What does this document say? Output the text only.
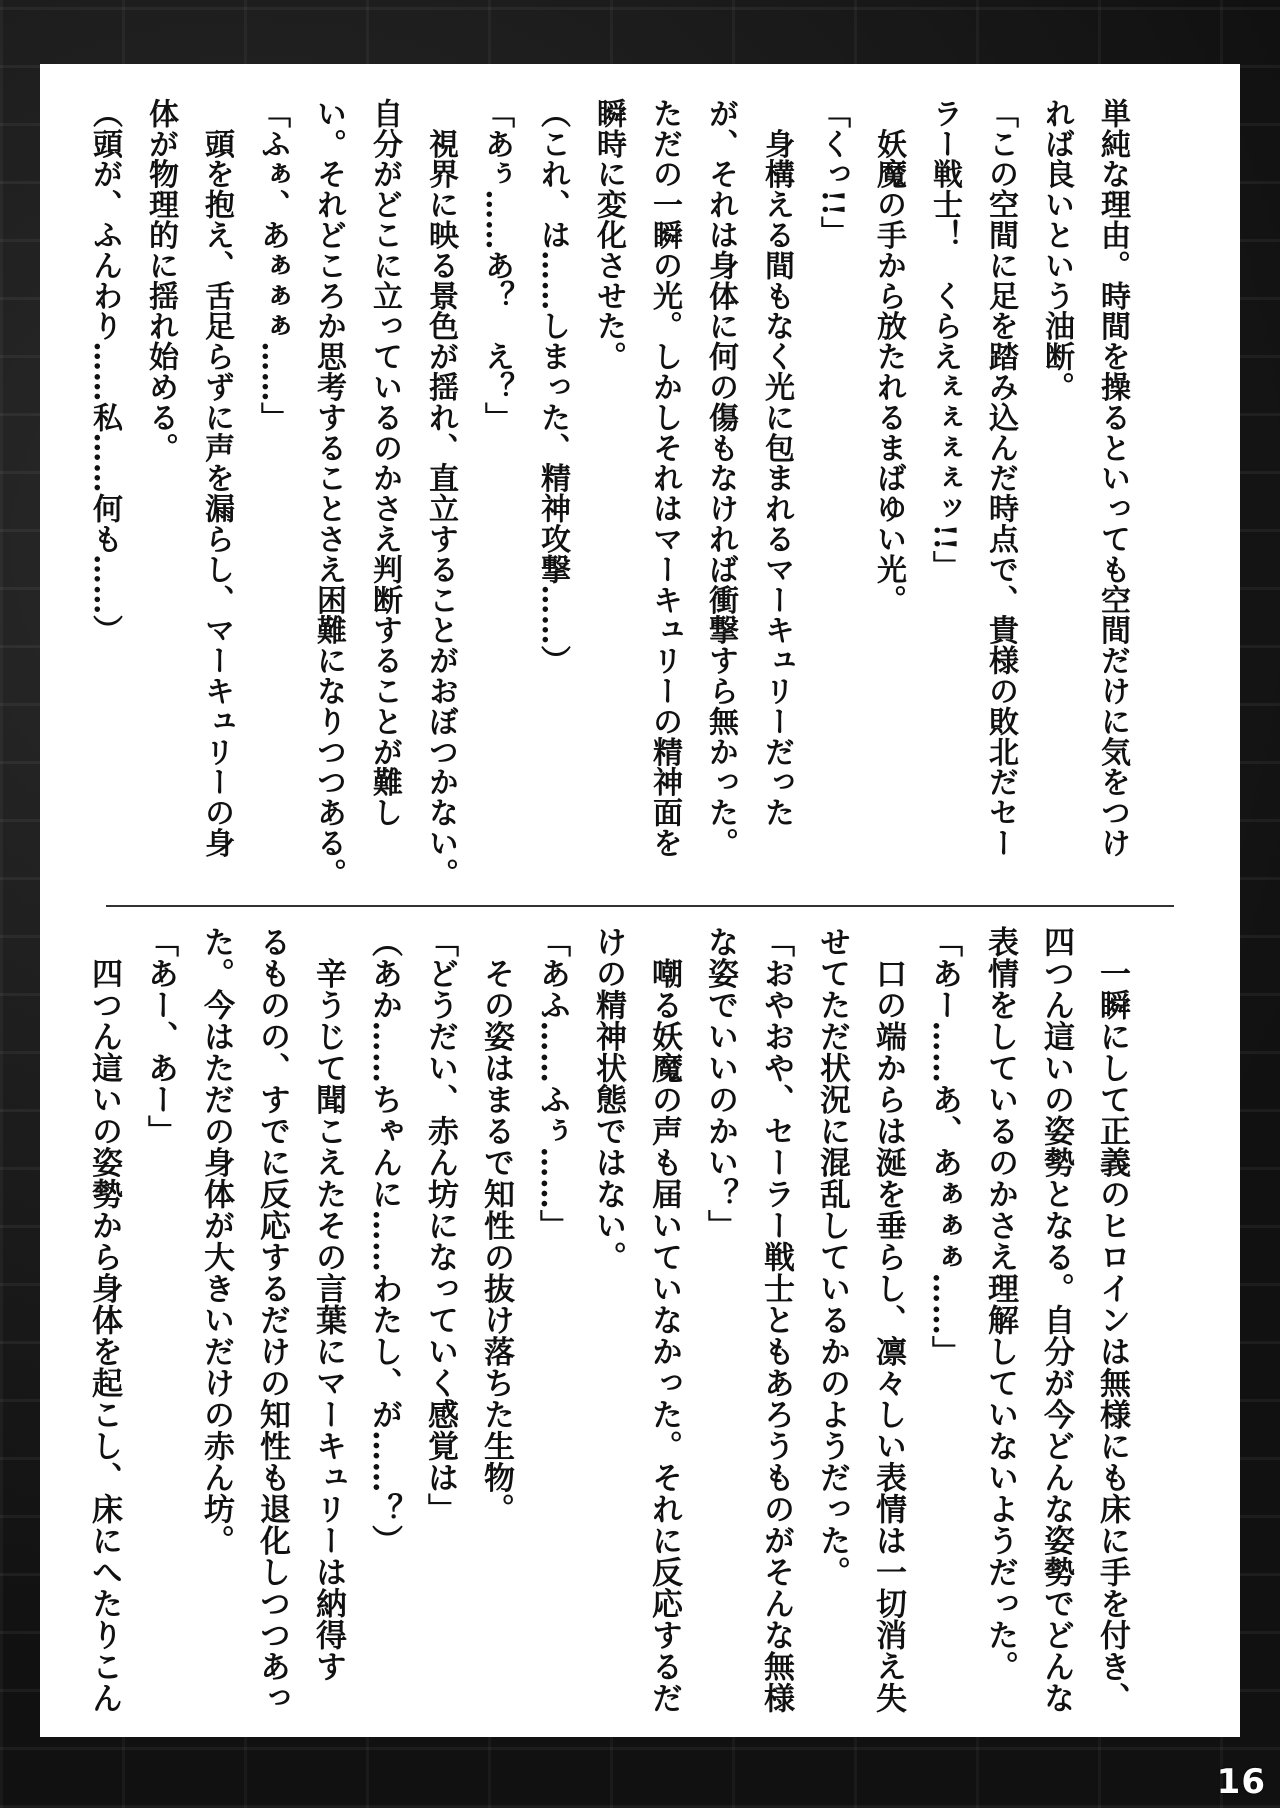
単純な理由。時間を操るといっても空間だけに気をつけ

れば良いという油断。

「この空間に足を踏み込んだ時点で、貴様の敗北だセー

ラー戦士！　くらえぇぇぇぇッ!!」

　妖魔の手から放たれるまばゆい光。

「くっ!!」

　身構える間もなく光に包まれるマーキュリーだった

が、それは身体に何の傷もなければ衝撃すら無かった。

ただの一瞬の光。しかしそれはマーキュリーの精神面を

瞬時に変化させた。

（これ、は……しまった、精神攻撃……）

「あぅ……あ？　え？」

　視界に映る景色が揺れ、直立することがおぼつかない。

自分がどこに立っているのかさえ判断することが難し

い。それどころか思考することさえ困難になりつつある。

「ふぁ、あぁぁぁ……」

　頭を抱え、舌足らずに声を漏らし、マーキュリーの身

体が物理的に揺れ始める。

（頭が、ふんわり……私……何も……）

　一瞬にして正義のヒロインは無様にも床に手を付き、

四つん這いの姿勢となる。自分が今どんな姿勢でどんな

表情をしているのかさえ理解していないようだった。

「あー……あ、あぁぁぁ……」

　口の端からは涎を垂らし、凛々しい表情は一切消え失

せてただ状況に混乱しているかのようだった。

「おやおや、セーラー戦士ともあろうものがそんな無様

な姿でいいのかい？」

　嘲る妖魔の声も届いていなかった。それに反応するだ

けの精神状態ではない。

「あふ……ふぅ……」

　その姿はまるで知性の抜け落ちた生物。

「どうだい、赤ん坊になっていく感覚は」

（あか……ちゃんに……わたし、が……？）

　辛うじて聞こえたその言葉にマーキュリーは納得す

るものの、すでに反応するだけの知性も退化しつつあっ

た。今はただの身体が大きいだけの赤ん坊。

「あー、あー」

　四つん這いの姿勢から身体を起こし、床にへたりこん

16
